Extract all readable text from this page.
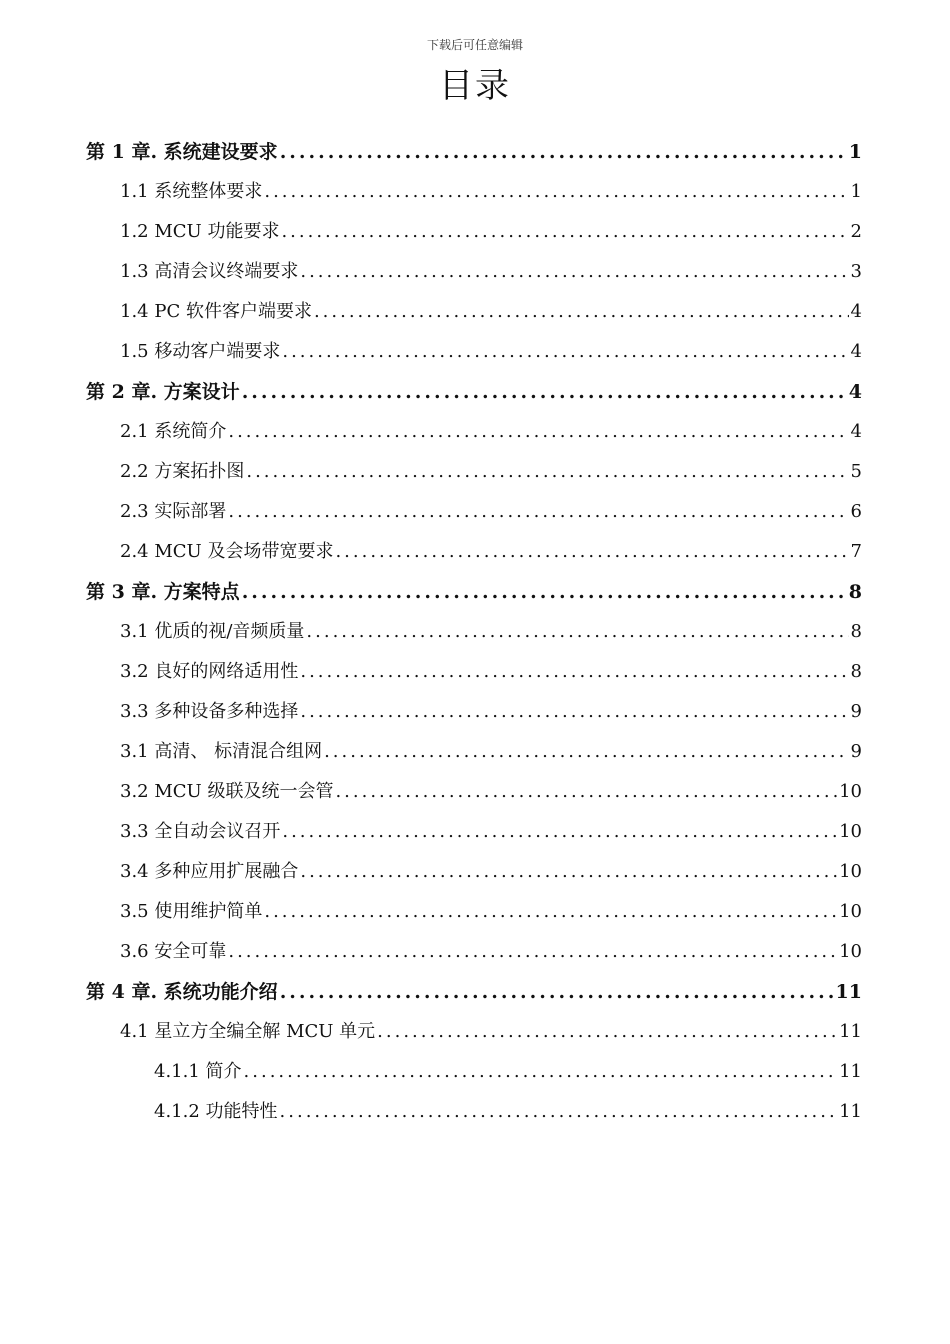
下载后可任意编辑
目录
第 1 章. 系统建设要求 .....	1
1.1 系统整体要求 .....	1
1.2 MCU 功能要求 .....	2
1.3 高清会议终端要求 .....	3
1.4 PC 软件客户端要求 .....	4
1.5 移动客户端要求 .....	4
第 2 章. 方案设计 .....	4
2.1 系统简介 .....	4
2.2 方案拓扑图 .....	5
2.3 实际部署 .....	6
2.4 MCU 及会场带宽要求 .....	7
第 3 章. 方案特点 .....	8
3.1 优质的视/音频质量 .....	8
3.2 良好的网络适用性 .....	8
3.3 多种设备多种选择 .....	9
3.1 高清、 标清混合组网 .....	9
3.2 MCU 级联及统一会管 .....	10
3.3 全自动会议召开 .....	10
3.4 多种应用扩展融合 .....	10
3.5 使用维护简单 .....	10
3.6 安全可靠 .....	10
第 4 章. 系统功能介绍 .....	11
4.1 星立方全编全解 MCU 单元 .....	11
4.1.1 简介 .....	11
4.1.2 功能特性 .....	11
